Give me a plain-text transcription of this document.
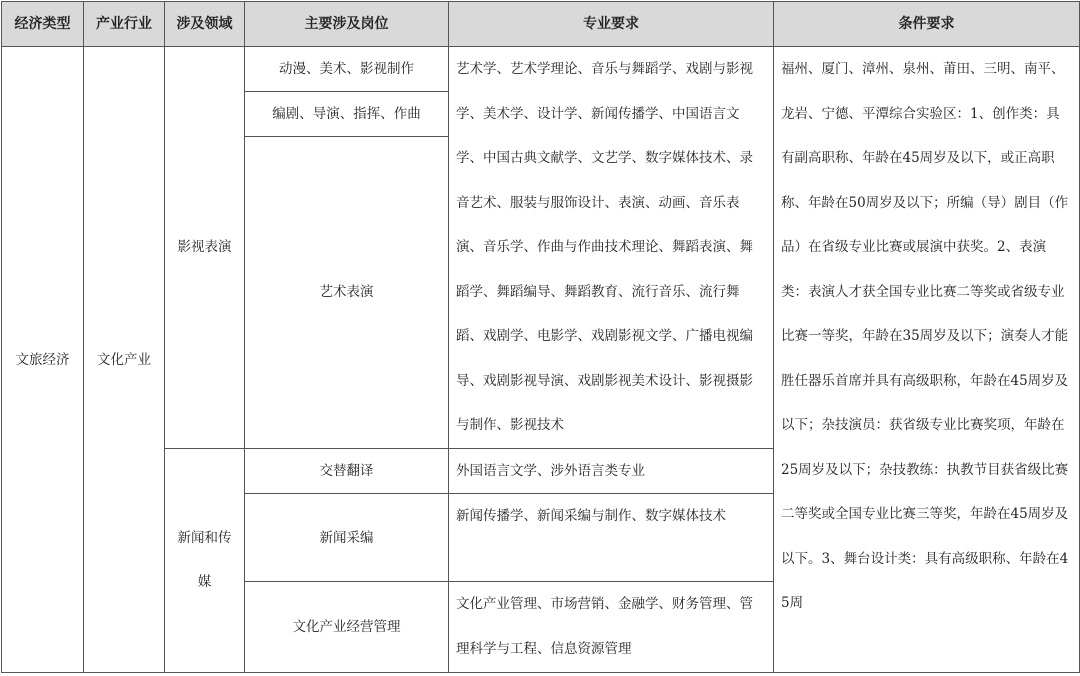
经济类型	产业行业	涉及领域	主要涉及岗位	专业要求	条件要求
文旅经济	文化产业	影视表演	动漫、美术、影视制作	艺术学、艺术学理论、音乐与舞蹈学、戏剧与影视学、美术学、设计学、新闻传播学、中国语言文学、中国古典文献学、文艺学、数字媒体技术、录音艺术、服装与服饰设计、表演、动画、音乐表演、音乐学、作曲与作曲技术理论、舞蹈表演、舞蹈学、舞蹈编导、舞蹈教育、流行音乐、流行舞蹈、戏剧学、电影学、戏剧影视文学、广播电视编导、戏剧影视导演、戏剧影视美术设计、影视摄影与制作、影视技术	福州、厦门、漳州、泉州、莆田、三明、南平、龙岩、宁德、平潭综合实验区：1、创作类：具有副高职称、年龄在45周岁及以下，或正高职称、年龄在50周岁及以下；所编（导）剧目（作品）在省级专业比赛或展演中获奖。2、表演类：表演人才获全国专业比赛二等奖或省级专业比赛一等奖，年龄在35周岁及以下；演奏人才能胜任器乐首席并具有高级职称，年龄在45周岁及以下；杂技演员：获省级专业比赛奖项，年龄在25周岁及以下；杂技教练：执教节目获省级比赛二等奖或全国专业比赛三等奖，年龄在45周岁及以下。3、舞台设计类：具有高级职称、年龄在45周

			编剧、导演、指挥、作曲		
			艺术表演		

		新闻和传媒	交替翻译	外国语言文学、涉外语言类专业	

			新闻采编	新闻传播学、新闻采编与制作、数字媒体技术	

			文化产业经营管理	文化产业管理、市场营销、金融学、财务管理、管理科学与工程、信息资源管理	
